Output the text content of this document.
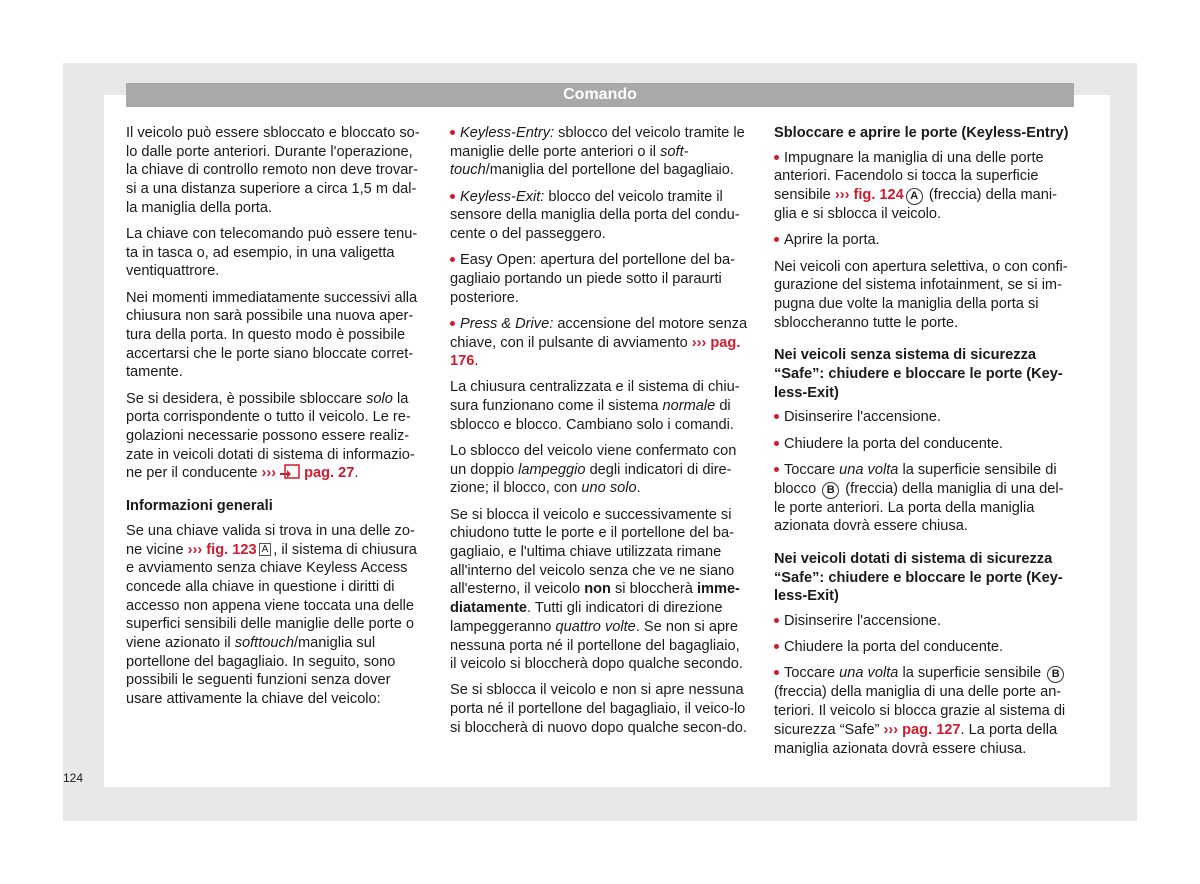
Comando

Il veicolo può essere sbloccato e bloccato so-lo dalle porte anteriori. Durante l'operazione, la chiave di controllo remoto non deve trovar-si a una distanza superiore a circa 1,5 m dal-la maniglia della porta.

La chiave con telecomando può essere tenu-ta in tasca o, ad esempio, in una valigetta ventiquattrore.

Nei momenti immediatamente successivi alla chiusura non sarà possibile una nuova aper-tura della porta. In questo modo è possibile accertarsi che le porte siano bloccate corret-tamente.

Se si desidera, è possibile sbloccare solo la porta corrispondente o tutto il veicolo. Le re-golazioni necessarie possono essere realiz-zate in veicoli dotati di sistema di informazio-ne per il conducente ››› pag. 27.

Informazioni generali

Se una chiave valida si trova in una delle zo-ne vicine ››› fig. 123 A , il sistema di chiusura e avviamento senza chiave Keyless Access concede alla chiave in questione i diritti di accesso non appena viene toccata una delle superfici sensibili delle maniglie delle porte o viene azionato il softtouch/maniglia sul portellone del bagagliaio. In seguito, sono possibili le seguenti funzioni senza dover usare attivamente la chiave del veicolo:

Keyless-Entry: sblocco del veicolo tramite le maniglie delle porte anteriori o il soft-touch/maniglia del portellone del bagagliaio.

Keyless-Exit: blocco del veicolo tramite il sensore della maniglia della porta del condu-cente o del passeggero.

Easy Open: apertura del portellone del ba-gagliaio portando un piede sotto il paraurti posteriore.

Press & Drive: accensione del motore senza chiave, con il pulsante di avviamento ››› pag. 176.

La chiusura centralizzata e il sistema di chiu-sura funzionano come il sistema normale di sblocco e blocco. Cambiano solo i comandi.

Lo sblocco del veicolo viene confermato con un doppio lampeggio degli indicatori di dire-zione; il blocco, con uno solo.

Se si blocca il veicolo e successivamente si chiudono tutte le porte e il portellone del ba-gagliaio, e l'ultima chiave utilizzata rimane all'interno del veicolo senza che ve ne siano all'esterno, il veicolo non si bloccherà imme-diatamente. Tutti gli indicatori di direzione lampeggeranno quattro volte. Se non si apre nessuna porta né il portellone del bagagliaio, il veicolo si bloccherà dopo qualche secondo.

Se si sblocca il veicolo e non si apre nessuna porta né il portellone del bagagliaio, il veico-lo si bloccherà di nuovo dopo qualche secon-do.

Sbloccare e aprire le porte (Keyless-Entry)

Impugnare la maniglia di una delle porte anteriori. Facendolo si tocca la superficie sensibile ››› fig. 124 A (freccia) della mani-glia e si sblocca il veicolo.

Aprire la porta.

Nei veicoli con apertura selettiva, o con confi-gurazione del sistema infotainment, se si im-pugna due volte la maniglia della porta si sbloccheranno tutte le porte.

Nei veicoli senza sistema di sicurezza “Safe”: chiudere e bloccare le porte (Key-less-Exit)

Disinserire l'accensione.

Chiudere la porta del conducente.

Toccare una volta la superficie sensibile di blocco B (freccia) della maniglia di una del-le porte anteriori. La porta della maniglia azionata dovrà essere chiusa.

Nei veicoli dotati di sistema di sicurezza “Safe”: chiudere e bloccare le porte (Key-less-Exit)

Disinserire l'accensione.

Chiudere la porta del conducente.

Toccare una volta la superficie sensibile B (freccia) della maniglia di una delle porte an-teriori. Il veicolo si blocca grazie al sistema di sicurezza “Safe” ››› pag. 127. La porta della maniglia azionata dovrà essere chiusa.

124
